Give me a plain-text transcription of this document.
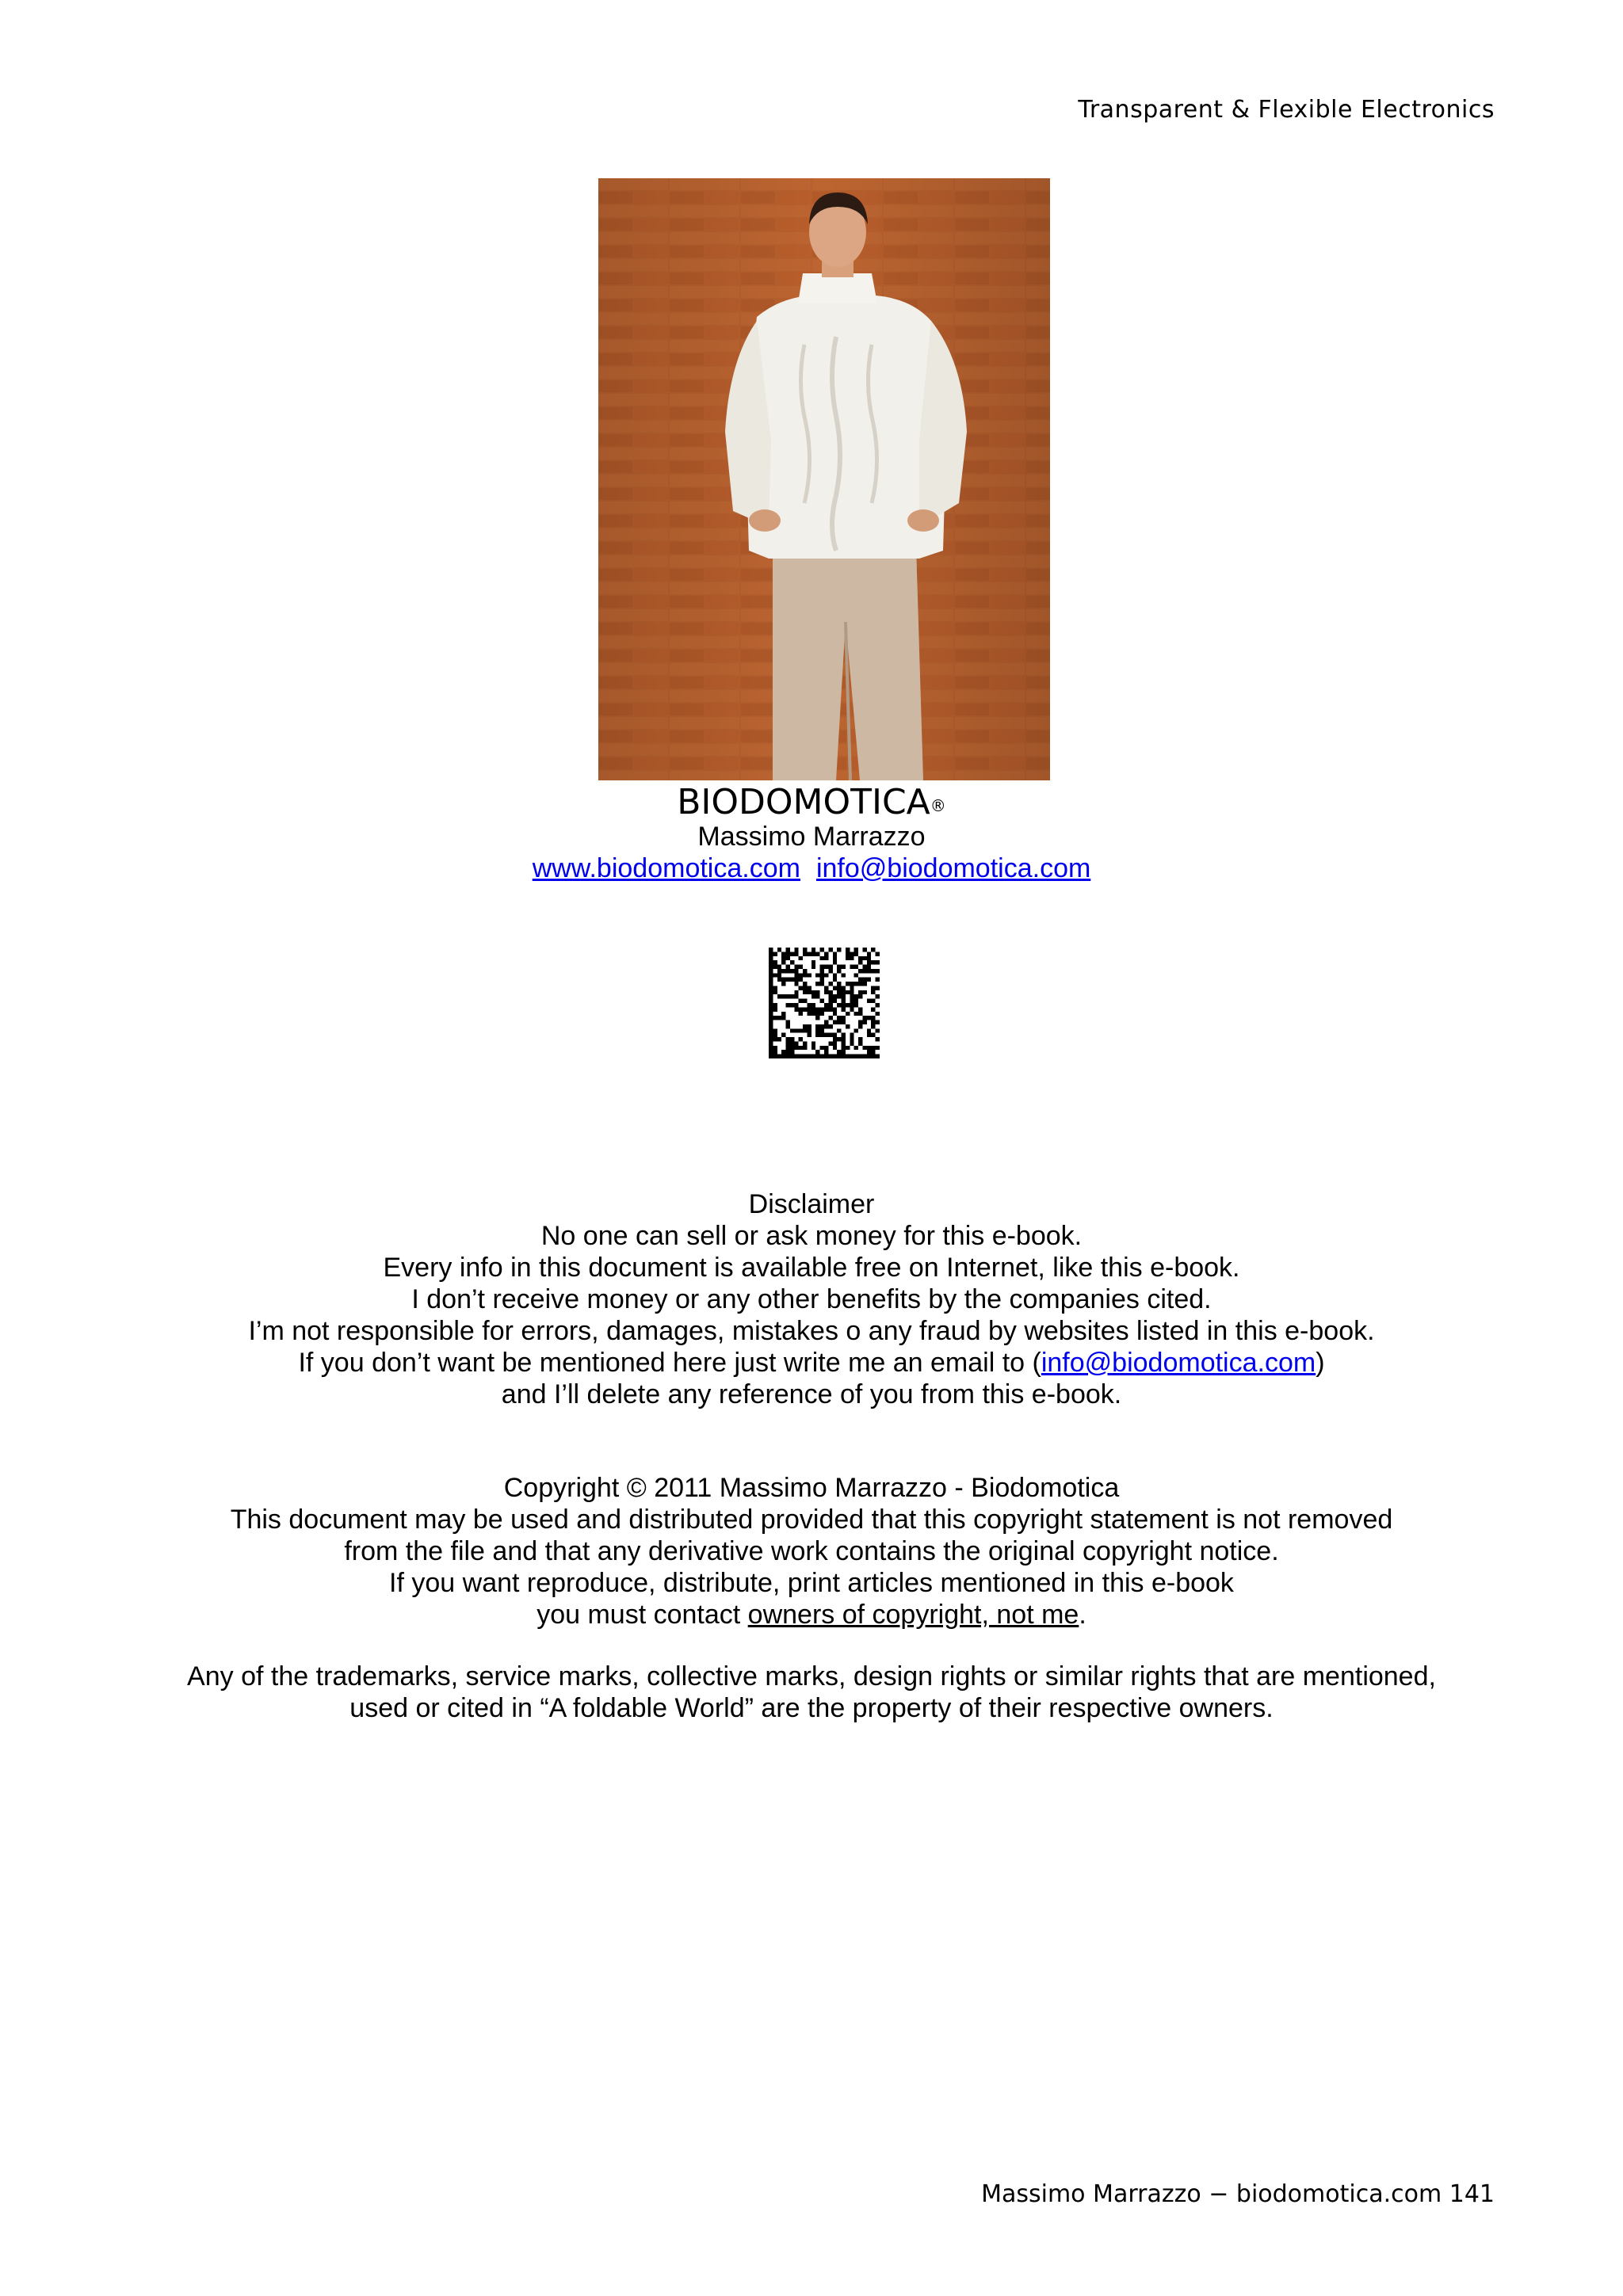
Transparent & Flexible Electronics
BIODOMOTICA®
Massimo Marrazzo
www.biodomotica.com info@biodomotica.com
Disclaimer
No one can sell or ask money for this e-book.
Every info in this document is available free on Internet, like this e-book.
I don’t receive money or any other benefits by the companies cited.
I’m not responsible for errors, damages, mistakes o any fraud by websites listed in this e-book.
If you don’t want be mentioned here just write me an email to (info@biodomotica.com)
and I’ll delete any reference of you from this e-book.
Copyright © 2011 Massimo Marrazzo - Biodomotica
This document may be used and distributed provided that this copyright statement is not removed
from the file and that any derivative work contains the original copyright notice.
If you want reproduce, distribute, print articles mentioned in this e-book
you must contact owners of copyright, not me.
Any of the trademarks, service marks, collective marks, design rights or similar rights that are mentioned,
used or cited in “A foldable World” are the property of their respective owners.
Massimo Marrazzo − biodomotica.com 141
